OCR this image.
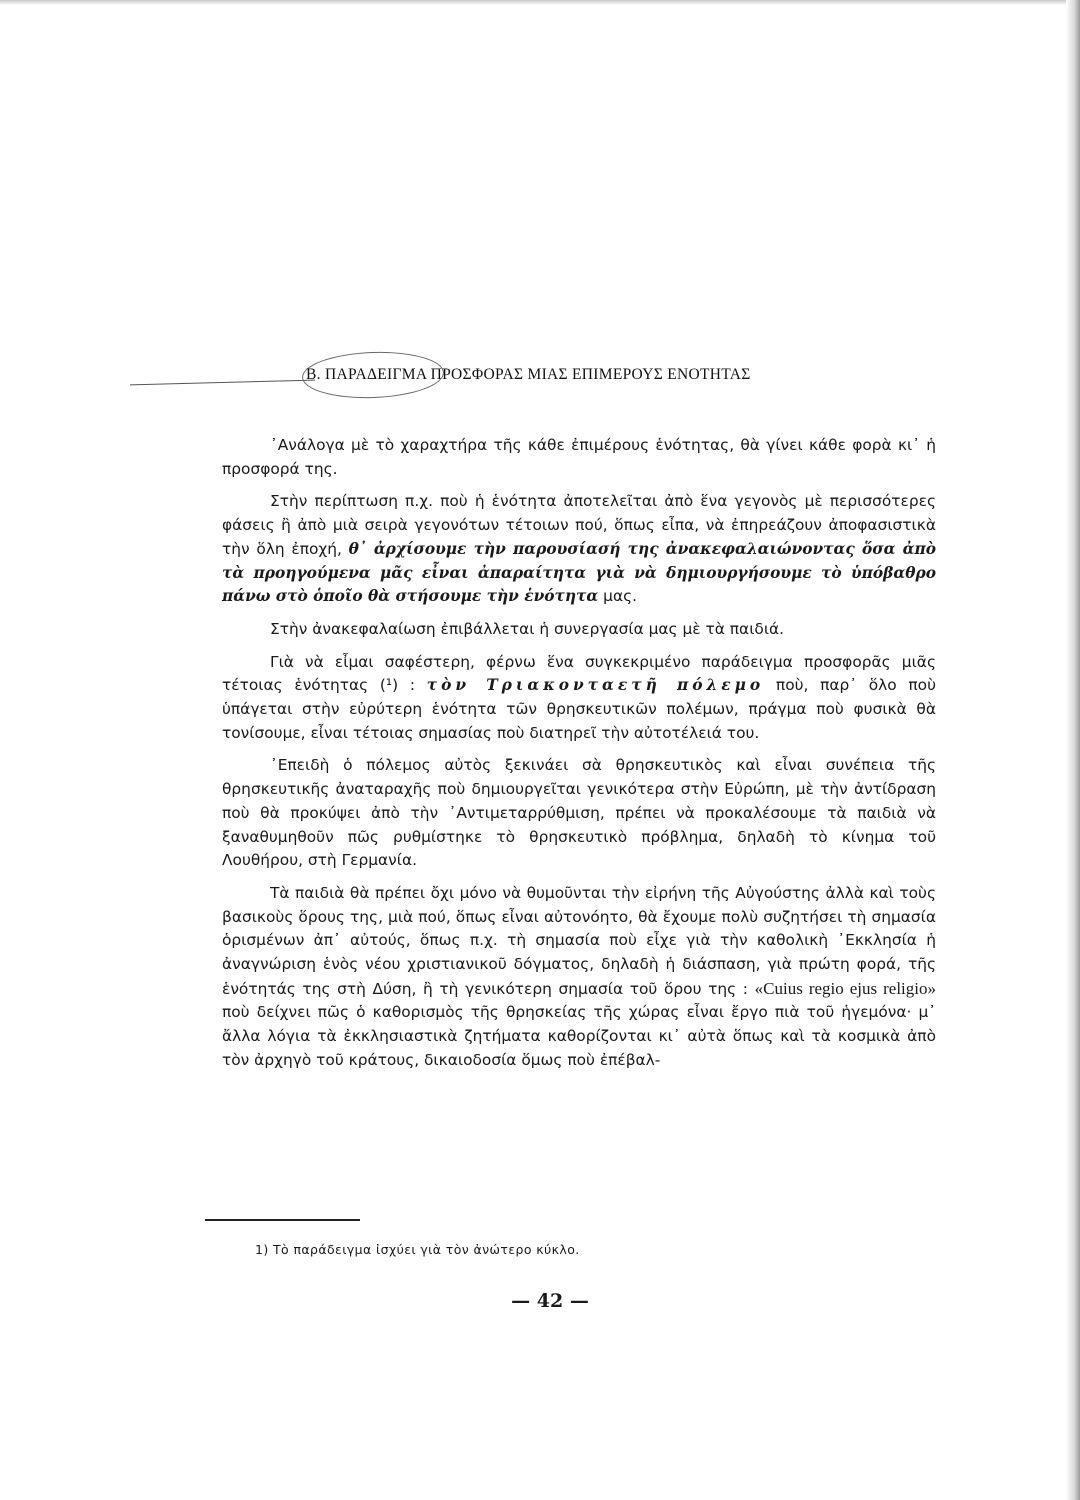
Β. ΠΑΡΑΔΕΙΓΜΑ ΠΡΟΣΦΟΡΑΣ ΜΙΑΣ ΕΠΙΜΕΡΟΥΣ ΕΝΟΤΗΤΑΣ

᾿Ανάλογα μὲ τὸ χαραχτήρα τῆς κάθε ἐπιμέρους ἑνότητας, θὰ γίνει κάθε φορὰ κι᾿ ἡ προσφορά της.

Στὴν περίπτωση π.χ. ποὺ ἡ ἑνότητα ἀποτελεῖται ἀπὸ ἕνα γεγονὸς μὲ περισσότερες φάσεις ἢ ἀπὸ μιὰ σειρὰ γεγονότων τέτοιων πού, ὅπως εἶπα, νὰ ἐπηρεάζουν ἀποφασιστικὰ τὴν ὅλη ἐποχή, θ᾿ ἀρχίσουμε τὴν παρουσίασή της ἀνακεφαλαιώνοντας ὅσα ἀπὸ τὰ προηγούμενα μᾶς εἶναι ἀπαραίτητα γιὰ νὰ δημιουργήσουμε τὸ ὑπόβαθρο πάνω στὸ ὁποῖο θὰ στήσουμε τὴν ἑνότητα μας.

Στὴν ἀνακεφαλαίωση ἐπιβάλλεται ἡ συνεργασία μας μὲ τὰ παιδιά.

Γιὰ νὰ εἶμαι σαφέστερη, φέρνω ἕνα συγκεκριμένο παράδειγμα προσφορᾶς μιᾶς τέτοιας ἑνότητας (¹) : τὸν Τριακονταετῆ πόλεμο ποὺ, παρ᾿ ὅλο ποὺ ὑπάγεται στὴν εὐρύτερη ἑνότητα τῶν θρησκευτικῶν πολέμων, πράγμα ποὺ φυσικὰ θὰ τονίσουμε, εἶναι τέτοιας σημασίας ποὺ διατηρεῖ τὴν αὐτοτέλειά του.

᾿Επειδὴ ὁ πόλεμος αὐτὸς ξεκινάει σὰ θρησκευτικὸς καὶ εἶναι συνέπεια τῆς θρησκευτικῆς ἀναταραχῆς ποὺ δημιουργεῖται γενικότερα στὴν Εὐρώπη, μὲ τὴν ἀντίδραση ποὺ θὰ προκύψει ἀπὸ τὴν ᾿Αντιμεταρρύθμιση, πρέπει νὰ προκαλέσουμε τὰ παιδιὰ νὰ ξαναθυμηθοῦν πῶς ρυθμίστηκε τὸ θρησκευτικὸ πρόβλημα, δηλαδὴ τὸ κίνημα τοῦ Λουθήρου, στὴ Γερμανία.

Τὰ παιδιὰ θὰ πρέπει ὄχι μόνο νὰ θυμοῦνται τὴν εἰρήνη τῆς Αὐγούστης ἀλλὰ καὶ τοὺς βασικοὺς ὅρους της, μιὰ πού, ὅπως εἶναι αὐτονόητο, θὰ ἔχουμε πολὺ συζητήσει τὴ σημασία ὁρισμένων ἀπ᾿ αὐτούς, ὅπως π.χ. τὴ σημασία ποὺ εἶχε γιὰ τὴν καθολικὴ ᾿Εκκλησία ἡ ἀναγνώριση ἑνὸς νέου χριστιανικοῦ δόγματος, δηλαδὴ ἡ διάσπαση, γιὰ πρώτη φορά, τῆς ἑνότητάς της στὴ Δύση, ἢ τὴ γενικότερη σημασία τοῦ ὅρου της : «Cuius regio ejus religio» ποὺ δείχνει πῶς ὁ καθορισμὸς τῆς θρησκείας τῆς χώρας εἶναι ἔργο πιὰ τοῦ ἡγεμόνα· μ᾿ ἄλλα λόγια τὰ ἐκκλησιαστικὰ ζητήματα καθορίζονται κι᾿ αὐτὰ ὅπως καὶ τὰ κοσμικὰ ἀπὸ τὸν ἀρχηγὸ τοῦ κράτους, δικαιοδοσία ὅμως ποὺ ἐπέβαλ-

1) Τὸ παράδειγμα ἰσχύει γιὰ τὸν ἀνώτερο κύκλο.
— 42 —
